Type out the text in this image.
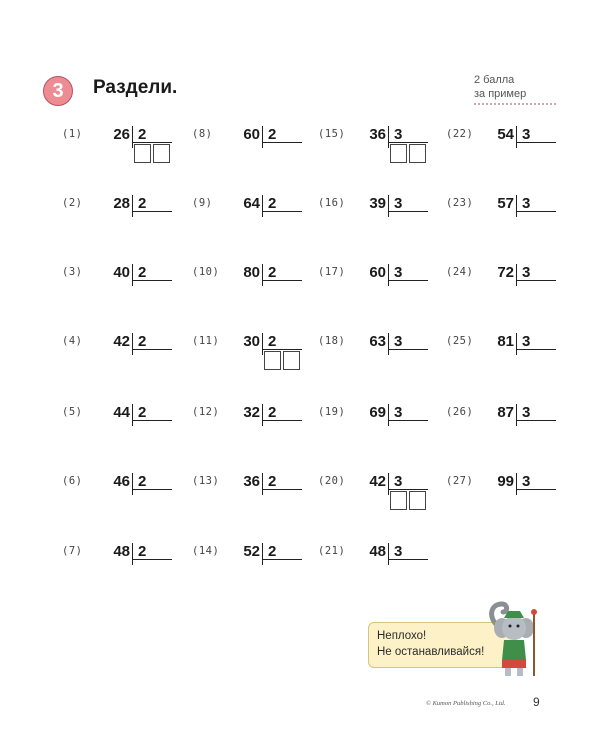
3	Раздели.	2 балла
за пример
(1)	26 2
(2)	28 2
(3)	40 2
(4)	42 2
(5)	44 2
(6)	46 2
(7)	48 2
(8)	60 2
(9)	64 2
(10)	80 2
(11)	30 2
(12)	32 2
(13)	36 2
(14)	52 2
(15)	36 3
(16)	39 3
(17)	60 3
(18)	63 3
(19)	69 3
(20)	42 3
(21)	48 3
(22)	54 3
(23)	57 3
(24)	72 3
(25)	81 3
(26)	87 3
(27)	99 3
Неплохо!
Не останавливайся!
© Kumon Publishing Co., Ltd. 9
